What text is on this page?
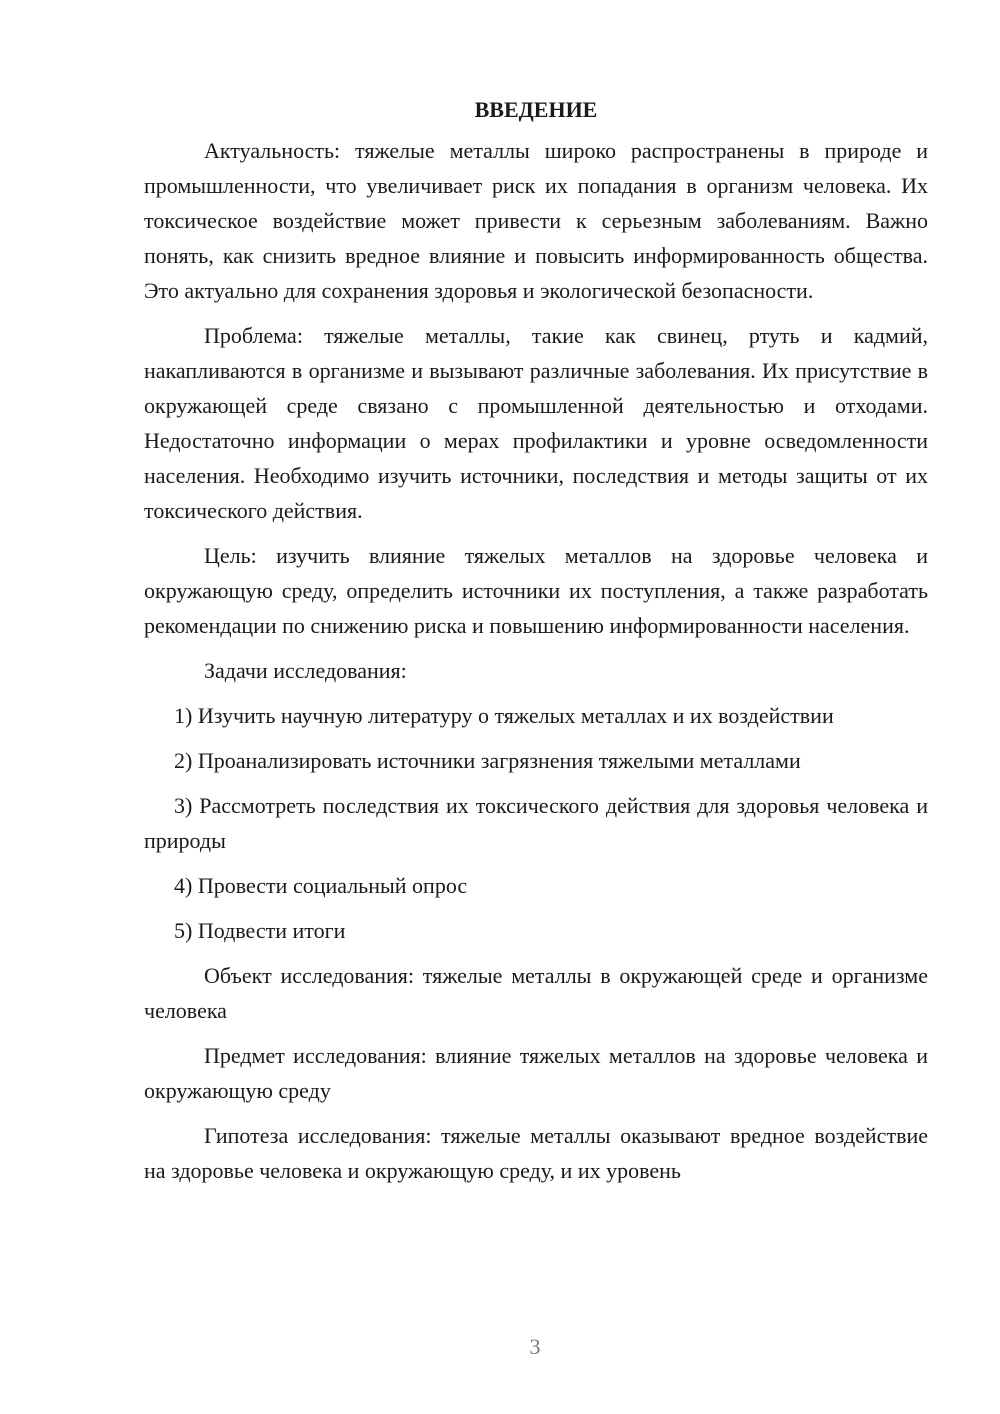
ВВЕДЕНИЕ

Актуальность: тяжелые металлы широко распространены в природе и промышленности, что увеличивает риск их попадания в организм человека. Их токсическое воздействие может привести к серьезным заболеваниям. Важно понять, как снизить вредное влияние и повысить информированность общества. Это актуально для сохранения здоровья и экологической безопасности.

Проблема: тяжелые металлы, такие как свинец, ртуть и кадмий, накапливаются в организме и вызывают различные заболевания. Их присутствие в окружающей среде связано с промышленной деятельностью и отходами. Недостаточно информации о мерах профилактики и уровне осведомленности населения. Необходимо изучить источники, последствия и методы защиты от их токсического действия.

Цель: изучить влияние тяжелых металлов на здоровье человека и окружающую среду, определить источники их поступления, а также разработать рекомендации по снижению риска и повышению информированности населения.

Задачи исследования:

1) Изучить научную литературу о тяжелых металлах и их воздействии

2) Проанализировать источники загрязнения тяжелыми металлами

3) Рассмотреть последствия их токсического действия для здоровья человека и природы

4) Провести социальный опрос

5) Подвести итоги

Объект исследования: тяжелые металлы в окружающей среде и организме человека

Предмет исследования: влияние тяжелых металлов на здоровье человека и окружающую среду

Гипотеза исследования: тяжелые металлы оказывают вредное воздействие на здоровье человека и окружающую среду, и их уровень

3
